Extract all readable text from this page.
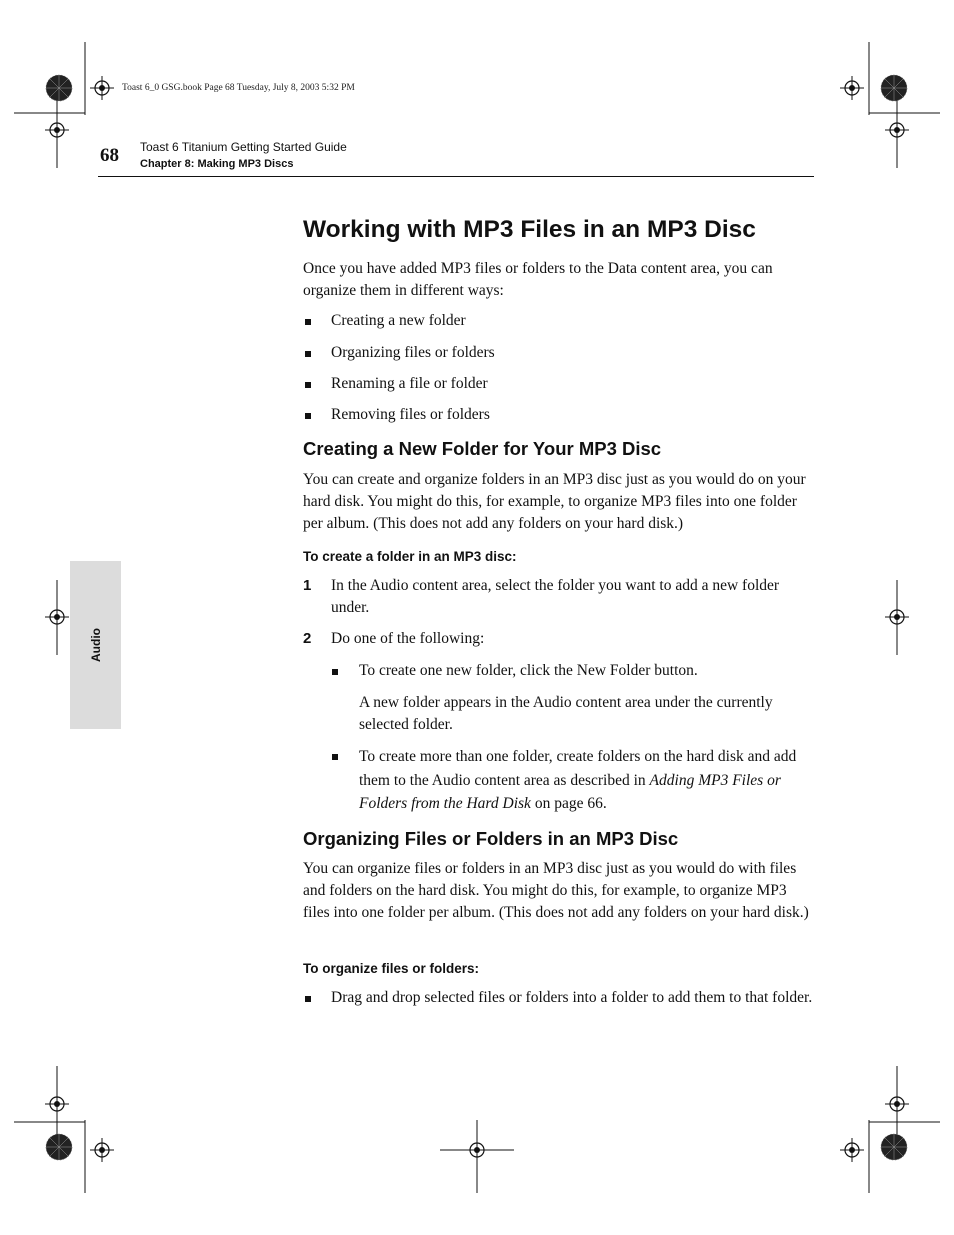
Toast 6_0 GSG.book Page 68 Tuesday, July 8, 2003 5:32 PM
68 Toast 6 Titanium Getting Started Guide
Chapter 8: Making MP3 Discs
Audio
Working with MP3 Files in an MP3 Disc
Once you have added MP3 files or folders to the Data content area, you can organize them in different ways:
Creating a new folder
Organizing files or folders
Renaming a file or folder
Removing files or folders
Creating a New Folder for Your MP3 Disc
You can create and organize folders in an MP3 disc just as you would do on your hard disk. You might do this, for example, to organize MP3 files into one folder per album. (This does not add any folders on your hard disk.)
To create a folder in an MP3 disc:
1 In the Audio content area, select the folder you want to add a new folder under.
2 Do one of the following:
To create one new folder, click the New Folder button.
A new folder appears in the Audio content area under the currently selected folder.
To create more than one folder, create folders on the hard disk and add them to the Audio content area as described in Adding MP3 Files or Folders from the Hard Disk on page 66.
Organizing Files or Folders in an MP3 Disc
You can organize files or folders in an MP3 disc just as you would do with files and folders on the hard disk. You might do this, for example, to organize MP3 files into one folder per album. (This does not add any folders on your hard disk.)
To organize files or folders:
Drag and drop selected files or folders into a folder to add them to that folder.
